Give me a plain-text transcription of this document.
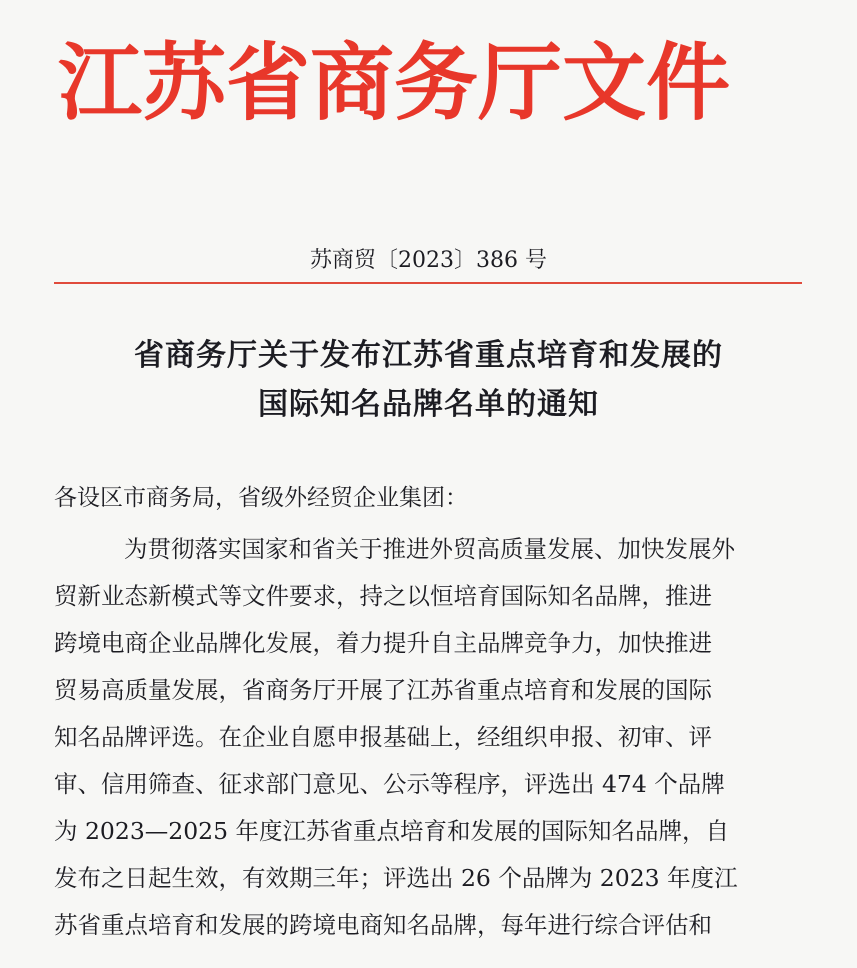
江苏省商务厅文件
苏商贸〔2023〕386 号
省商务厅关于发布江苏省重点培育和发展的
国际知名品牌名单的通知
各设区市商务局，省级外经贸企业集团：
为贯彻落实国家和省关于推进外贸高质量发展、加快发展外
贸新业态新模式等文件要求，持之以恒培育国际知名品牌，推进
跨境电商企业品牌化发展，着力提升自主品牌竞争力，加快推进
贸易高质量发展，省商务厅开展了江苏省重点培育和发展的国际
知名品牌评选。在企业自愿申报基础上，经组织申报、初审、评
审、信用筛查、征求部门意见、公示等程序，评选出 474 个品牌
为 2023—2025 年度江苏省重点培育和发展的国际知名品牌，自
发布之日起生效，有效期三年；评选出 26 个品牌为 2023 年度江
苏省重点培育和发展的跨境电商知名品牌，每年进行综合评估和
